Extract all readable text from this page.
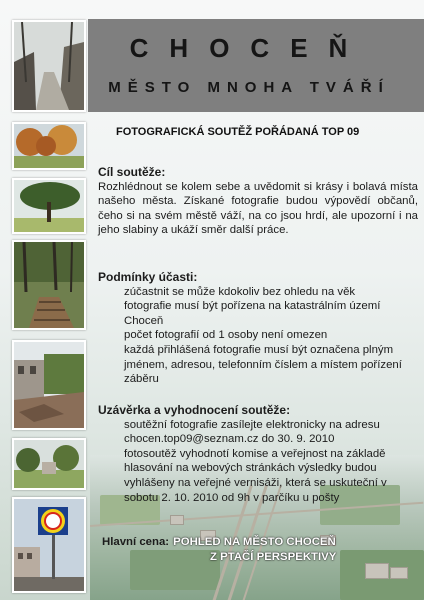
CHOCEŇ
MĚSTO MNOHA TVÁŘÍ
FOTOGRAFICKÁ SOUTĚŽ POŘÁDANÁ TOP 09

Cíl soutěže:

Rozhlédnout se kolem sebe a uvědomit si krásy i bolavá místa našeho města. Získané fotografie budou výpovědí občanů, čeho si na svém městě váží, na co jsou hrdí, ale upozorní i na jeho slabiny a ukáží směr další práce.

Podmínky účasti:

zúčastnit se může kdokoliv bez ohledu na věk

fotografie musí být pořízena na katastrálním území Choceň

počet fotografií od 1 osoby není omezen

každá přihlášená fotografie musí být označena plným jménem, adresou, telefonním číslem a místem pořízení záběru

Uzávěrka a vyhodnocení soutěže:

soutěžní fotografie zasílejte elektronicky na adresu chocen.top09@seznam.cz do 30. 9. 2010

fotosoutěž vyhodnotí komise a veřejnost na základě hlasování na webových stránkách výsledky budou vyhlášeny na veřejné vernisáži, která se uskuteční v sobotu 2. 10. 2010 od 9h v parčíku u pošty

Hlavní cena: POHLED NA MĚSTO CHOCEŇ
Z PTAČÍ PERSPEKTIVY
